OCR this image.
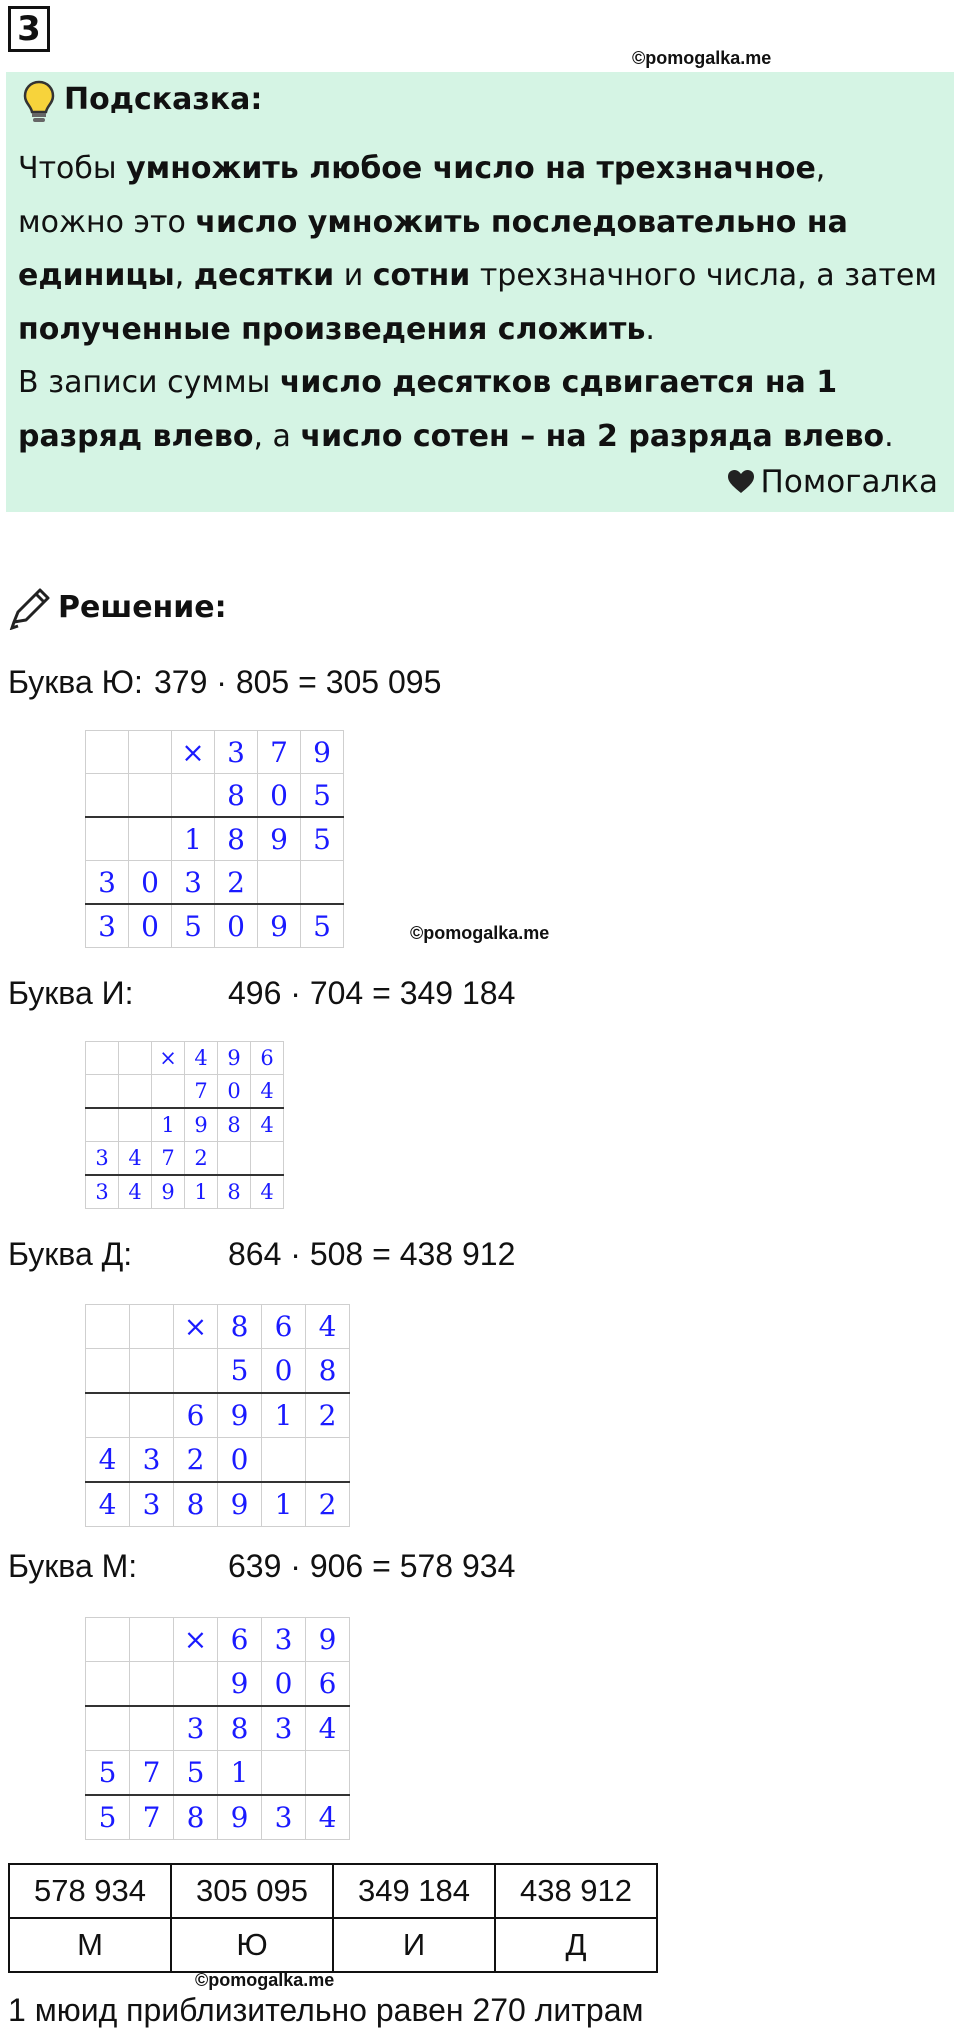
3
©pomogalka.me
Подсказка:
Чтобы умножить любое число на трехзначное, можно это число умножить последовательно на единицы, десятки и сотни трехзначного числа, а затем полученные произведения сложить.
В записи суммы число десятков сдвигается на 1 разряд влево, а число сотен – на 2 разряда влево.
Помогалка
Решение:
Буква Ю: 379 · 805 = 305 095
		×	3	7	9
			8	0	5
		1	8	9	5
3	0	3	2		
3	0	5	0	9	5	©pomogalka.me
Буква И:	496 · 704 = 349 184
		×	4	9	6
			7	0	4
		1	9	8	4
3	4	7	2		
3	4	9	1	8	4
Буква Д:	864 · 508 = 438 912
		×	8	6	4
			5	0	8
		6	9	1	2
4	3	2	0		
4	3	8	9	1	2
Буква М:	639 · 906 = 578 934
		×	6	3	9
			9	0	6
		3	8	3	4
5	7	5	1		
5	7	8	9	3	4
578 934	305 095	349 184	438 912
М	Ю	И	Д
©pomogalka.me
1 мюид приблизительно равен 270 литрам
